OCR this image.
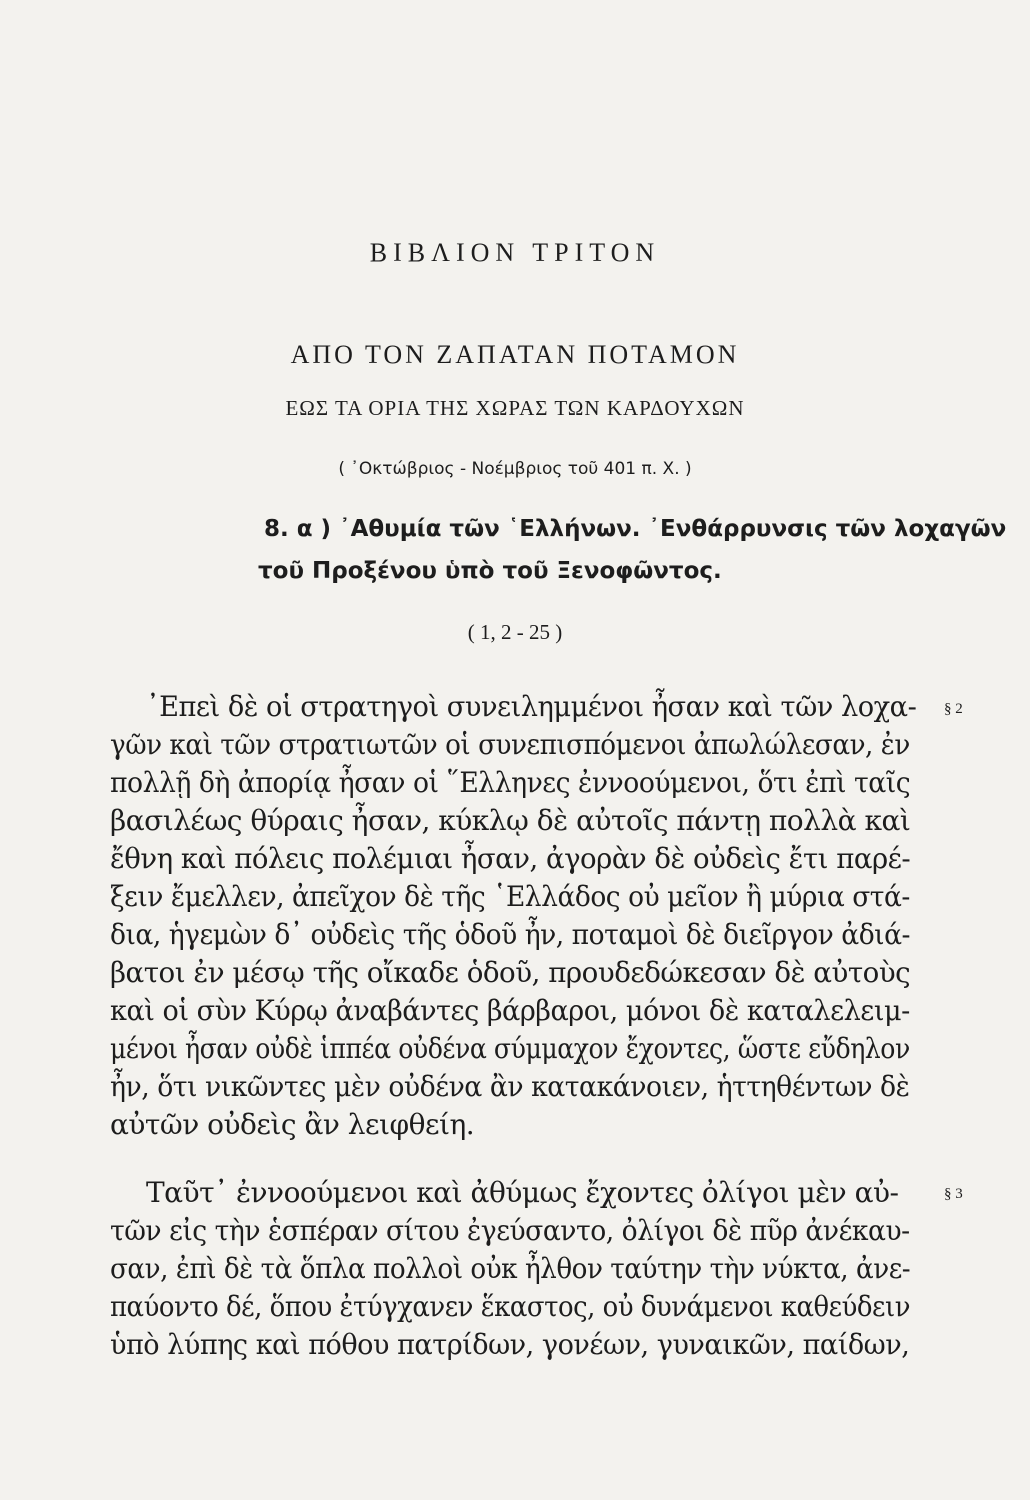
ΒΙΒΛΙΟΝ ΤΡΙΤΟΝ
ΑΠΟ ΤΟΝ ΖΑΠΑΤΑΝ ΠΟΤΑΜΟΝ
ΕΩΣ ΤΑ ΟΡΙΑ ΤΗΣ ΧΩΡΑΣ ΤΩΝ ΚΑΡΔΟΥΧΩΝ
( ᾿Οκτώβριος - Νοέμβριος τοῦ 401 π. Χ. )
8. α ) ᾿Αθυμία τῶν ῾Ελλήνων. ᾿Ενθάρρυνσις τῶν λοχαγῶν
τοῦ Προξένου ὑπὸ τοῦ Ξενοφῶντος.
( 1, 2 - 25 )
§ 2
᾿Επεὶ δὲ οἱ στρατηγοὶ συνειλημμένοι ἦσαν καὶ τῶν λοχα-
γῶν καὶ τῶν στρατιωτῶν οἱ συνεπισπόμενοι ἀπωλώλεσαν, ἐν
πολλῇ δὴ ἀπορίᾳ ἦσαν οἱ ῞Ελληνες ἐννοούμενοι, ὅτι ἐπὶ ταῖς
βασιλέως θύραις ἦσαν, κύκλῳ δὲ αὐτοῖς πάντῃ πολλὰ καὶ
ἔθνη καὶ πόλεις πολέμιαι ἦσαν, ἀγορὰν δὲ οὐδεὶς ἔτι παρέ-
ξειν ἔμελλεν, ἀπεῖχον δὲ τῆς ῾Ελλάδος οὐ μεῖον ἢ μύρια στά-
δια, ἡγεμὼν δ᾿ οὐδεὶς τῆς ὁδοῦ ἦν, ποταμοὶ δὲ διεῖργον ἀδιά-
βατοι ἐν μέσῳ τῆς οἴκαδε ὁδοῦ, προυδεδώκεσαν δὲ αὐτοὺς
καὶ οἱ σὺν Κύρῳ ἀναβάντες βάρβαροι, μόνοι δὲ καταλελειμ-
μένοι ἦσαν οὐδὲ ἱππέα οὐδένα σύμμαχον ἔχοντες, ὥστε εὔδηλον
ἦν, ὅτι νικῶντες μὲν οὐδένα ἂν κατακάνοιεν, ἡττηθέντων δὲ
αὐτῶν οὐδεὶς ἂν λειφθείη.
§ 3
Ταῦτ᾿ ἐννοούμενοι καὶ ἀθύμως ἔχοντες ὀλίγοι μὲν αὐ-
τῶν εἰς τὴν ἑσπέραν σίτου ἐγεύσαντο, ὀλίγοι δὲ πῦρ ἀνέκαυ-
σαν, ἐπὶ δὲ τὰ ὅπλα πολλοὶ οὐκ ἦλθον ταύτην τὴν νύκτα, ἀνε-
παύοντο δέ, ὅπου ἐτύγχανεν ἕκαστος, οὐ δυνάμενοι καθεύδειν
ὑπὸ λύπης καὶ πόθου πατρίδων, γονέων, γυναικῶν, παίδων,
